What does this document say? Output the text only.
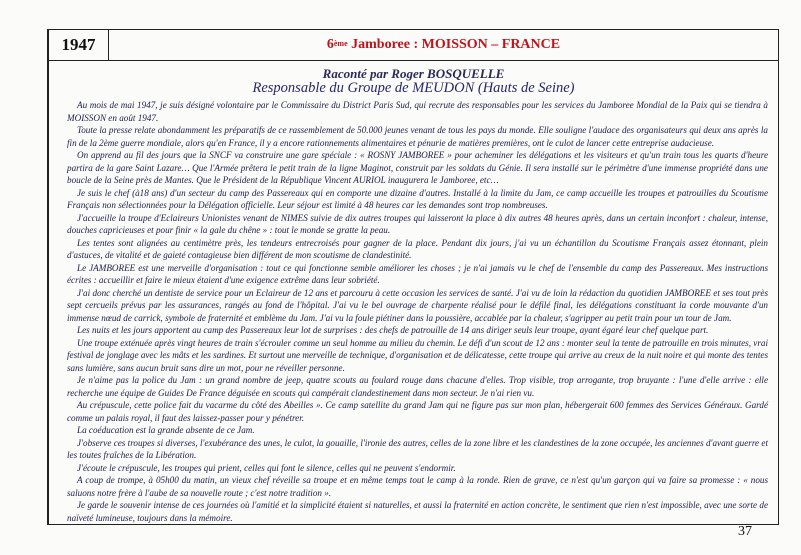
1947	6ème Jamboree : MOISSON – FRANCE
Raconté par Roger BOSQUELLE
Responsable du Groupe de MEUDON (Hauts de Seine)

Au mois de mai 1947, je suis désigné volontaire par le Commissaire du District Paris Sud, qui recrute des responsables pour les services du Jamboree Mondial de la Paix qui se tiendra à MOISSON en août 1947.

Toute la presse relate abondamment les préparatifs de ce rassemblement de 50.000 jeunes venant de tous les pays du monde. Elle souligne l'audace des organisateurs qui deux ans après la fin de la 2ème guerre mondiale, alors qu'en France, il y a encore rationnements alimentaires et pénurie de matières premières, ont le culot de lancer cette entreprise audacieuse.

On apprend au fil des jours que la SNCF va construire une gare spéciale : « ROSNY JAMBOREE » pour acheminer les délégations et les visiteurs et qu'un train tous les quarts d'heure partira de la gare Saint Lazare… Que l'Armée prêtera le petit train de la ligne Maginot, construit par les soldats du Génie. Il sera installé sur le périmètre d'une immense propriété dans une boucle de la Seine près de Mantes. Que le Président de la République Vincent AURIOL inaugurera le Jamboree, etc…

Je suis le chef (à18 ans) d'un secteur du camp des Passereaux qui en comporte une dizaine d'autres. Installé à la limite du Jam, ce camp accueille les troupes et patrouilles du Scoutisme Français non sélectionnées pour la Délégation officielle. Leur séjour est limité à 48 heures car les demandes sont trop nombreuses.

J'accueille la troupe d'Eclaireurs Unionistes venant de NIMES suivie de dix autres troupes qui laisseront la place à dix autres 48 heures après, dans un certain inconfort : chaleur, intense, douches capricieuses et pour finir « la gale du chêne » : tout le monde se gratte la peau.

Les tentes sont alignées au centimètre près, les tendeurs entrecroisés pour gagner de la place. Pendant dix jours, j'ai vu un échantillon du Scoutisme Français assez étonnant, plein d'astuces, de vitalité et de gaieté contagieuse bien différent de mon scoutisme de clandestinité.

Le JAMBOREE est une merveille d'organisation : tout ce qui fonctionne semble améliorer les choses ; je n'ai jamais vu le chef de l'ensemble du camp des Passereaux. Mes instructions écrites : accueillir et faire le mieux étaient d'une exigence extrême dans leur sobriété.

J'ai donc cherché un dentiste de service pour un Eclaireur de 12 ans et parcouru à cette occasion les services de santé. J'ai vu de loin la rédaction du quotidien JAMBOREE et ses tout près sept cercueils prévus par les assurances, rangés au fond de l'hôpital. J'ai vu le bel ouvrage de charpente réalisé pour le défilé final, les délégations constituant la corde mouvante d'un immense nœud de carrick, symbole de fraternité et emblème du Jam. J'ai vu la foule piétiner dans la poussière, accablée par la chaleur, s'agripper au petit train pour un tour de Jam.

Les nuits et les jours apportent au camp des Passereaux leur lot de surprises : des chefs de patrouille de 14 ans diriger seuls leur troupe, ayant égaré leur chef quelque part.

Une troupe exténuée après vingt heures de train s'écrouler comme un seul homme au milieu du chemin. Le défi d'un scout de 12 ans : monter seul la tente de patrouille en trois minutes, vrai festival de jonglage avec les mâts et les sardines. Et surtout une merveille de technique, d'organisation et de délicatesse, cette troupe qui arrive au creux de la nuit noire et qui monte des tentes sans lumière, sans aucun bruit sans dire un mot, pour ne réveiller personne.

Je n'aime pas la police du Jam : un grand nombre de jeep, quatre scouts au foulard rouge dans chacune d'elles. Trop visible, trop arrogante, trop bruyante : l'une d'elle arrive : elle recherche une équipe de Guides De France déguisée en scouts qui campérait clandestinement dans mon secteur. Je n'ai rien vu.

Au crépuscule, cette police fait du vacarme du côté des Abeilles ». Ce camp satellite du grand Jam qui ne figure pas sur mon plan, hébergerait 600 femmes des Services Généraux. Gardé comme un palais royal, il faut des laissez-passer pour y pénétrer.

La coéducation est la grande absente de ce Jam.

J'observe ces troupes si diverses, l'exubérance des unes, le culot, la gouaille, l'ironie des autres, celles de la zone libre et les clandestines de la zone occupée, les anciennes d'avant guerre et les toutes fraîches de la Libération.

J'écoute le crépuscule, les troupes qui prient, celles qui font le silence, celles qui ne peuvent s'endormir.

A coup de trompe, à 05h00 du matin, un vieux chef réveille sa troupe et en même temps tout le camp à la ronde. Rien de grave, ce n'est qu'un garçon qui va faire sa promesse : « nous saluons notre frère à l'aube de sa nouvelle route ; c'est notre tradition ».

Je garde le souvenir intense de ces journées où l'amitié et la simplicité étaient si naturelles, et aussi la fraternité en action concrète, le sentiment que rien n'est impossible, avec une sorte de naïveté lumineuse, toujours dans la mémoire.

37
